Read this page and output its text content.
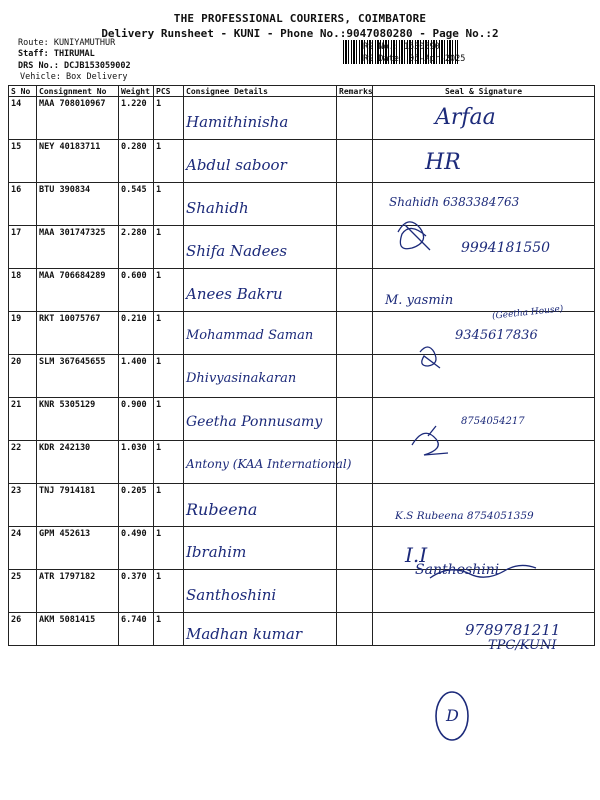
THE PROFESSIONAL COURIERS, COIMBATORE
Delivery Runsheet - KUNI - Phone No.:9047080280 - Page No.:2
Route: KUNIYAMUTHUR
Staff: THIRUMAL
DRS No.: DCJB153059002
Vehicle: Box Delivery
RS No.: 1530590
RS Date: 05-Apr-2025
S No	Consignment No	Weight	PCS	Consignee Details	Remarks	Seal & Signature
14	MAA 708010967	1.220	1	Hamithinisha		Arfaa
15	NEY 40183711	0.280	1	Abdul saboor		HR
16	BTU 390834	0.545	1	Shahidh		Shahidh 6383384763
17	MAA 301747325	2.280	1	Shifa Nadees		9994181550
18	MAA 706684289	0.600	1	Anees Bakru		M. yasmin
19	RKT 10075767	0.210	1	Mohammad Saman		9345617836
20	SLM 367645655	1.400	1	Dhivyasinakaran		

21	KNR 5305129	0.900	1	Geetha Ponnusamy		8754054217
22	KDR 242130	1.030	1	Antony (KAA International)		

23	TNJ 7914181	0.205	1	Rubeena		K.S Rubeena 8754051359
24	GPM 452613	0.490	1	Ibrahim		I.I
25	ATR 1797182	0.370	1	Santhoshini		Santhoshini
26	AKM 5081415	6.740	1	Madhan kumar		9789781211
(Geetha House)
TPC/KUNI
D
